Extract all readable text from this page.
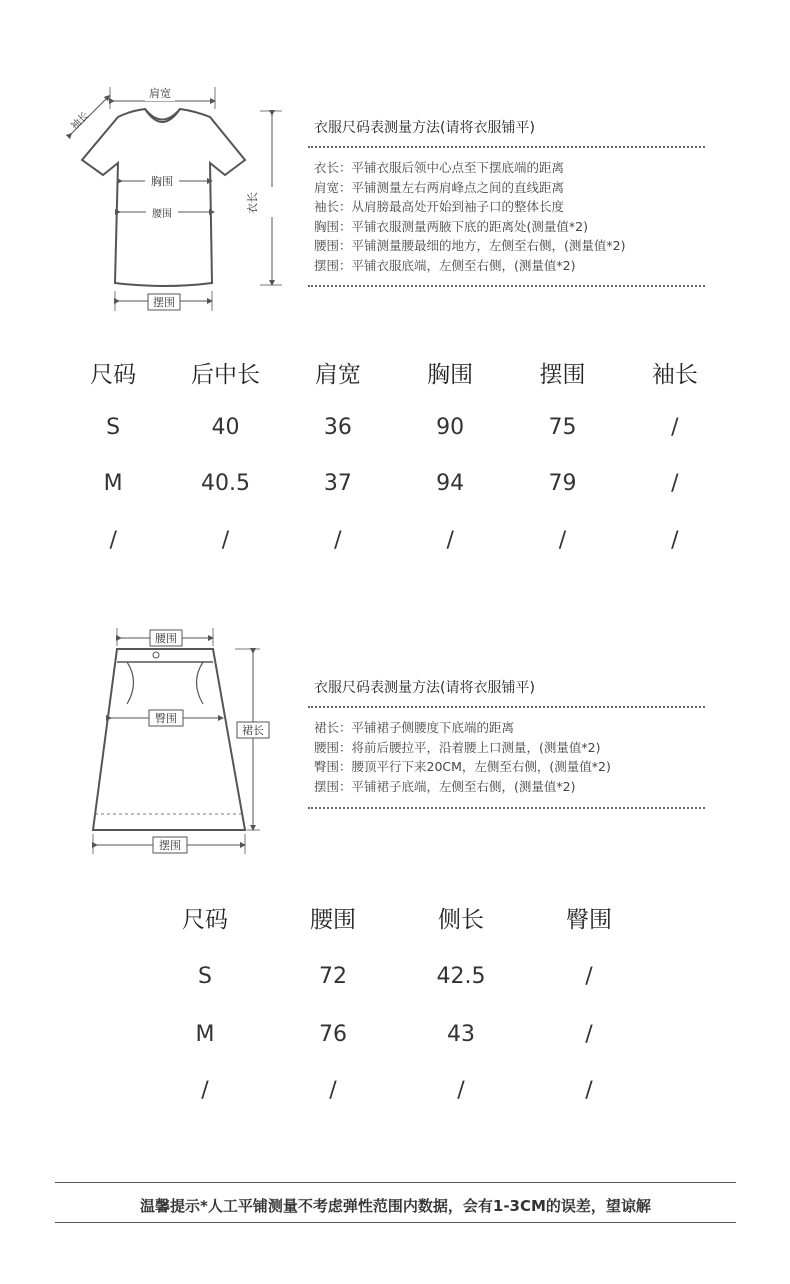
肩宽
袖长
胸围
腰围
衣长
摆围
衣服尺码表测量方法(请将衣服铺平)
衣长：平铺衣服后领中心点至下摆底端的距离
肩宽：平铺测量左右两肩峰点之间的直线距离
袖长：从肩膀最高处开始到袖子口的整体长度
胸围：平铺衣服测量两腋下底的距离处(测量值*2)
腰围：平铺测量腰最细的地方，左侧至右侧，(测量值*2)
摆围：平铺衣服底端，左侧至右侧，(测量值*2)
尺码	后中长	肩宽	胸围	摆围	袖长
S	40	36	90	75	/
M	40.5	37	94	79	/
/	/	/	/	/	/
腰围
臀围
裙长
摆围
衣服尺码表测量方法(请将衣服铺平)
裙长：平铺裙子侧腰度下底端的距离
腰围：将前后腰拉平，沿着腰上口测量，(测量值*2)
臀围：腰顶平行下来20CM，左侧至右侧，(测量值*2)
摆围：平铺裙子底端，左侧至右侧，(测量值*2)
尺码	腰围	侧长	臀围
S	72	42.5	/
M	76	43	/
/	/	/	/
温馨提示*人工平铺测量不考虑弹性范围内数据，会有1-3CM的误差，望谅解
